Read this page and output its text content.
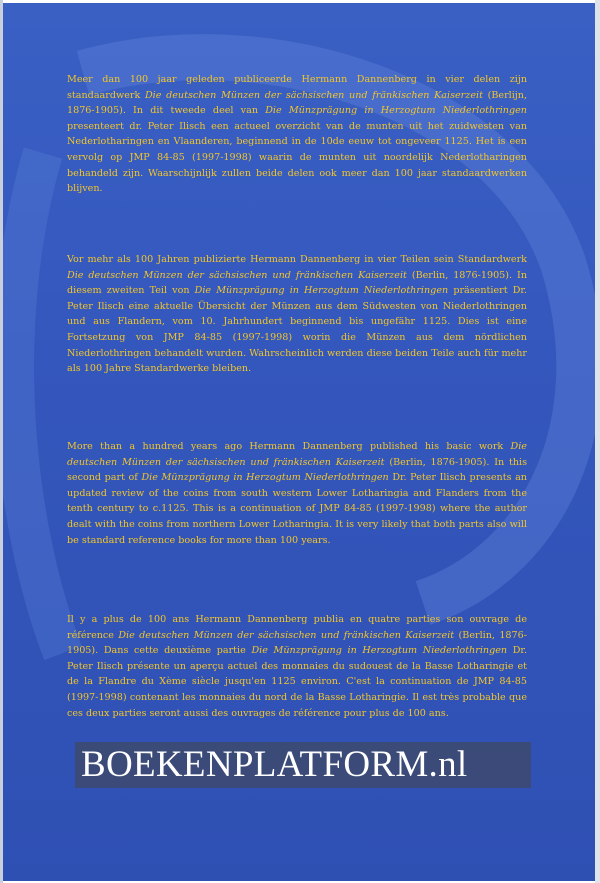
Meer dan 100 jaar geleden publiceerde Hermann Dannenberg in vier delen zijn standaardwerk Die deutschen Münzen der sächsischen und fränkischen Kaiserzeit (Berlijn, 1876-1905). In dit tweede deel van Die Münzprägung in Herzogtum Niederlothringen presenteert dr. Peter Ilisch een actueel overzicht van de munten uit het zuidwesten van Nederlotharingen en Vlaanderen, beginnend in de 10de eeuw tot ongeveer 1125. Het is een vervolg op JMP 84-85 (1997-1998) waarin de munten uit noordelijk Nederlotharingen behandeld zijn. Waarschijnlijk zullen beide delen ook meer dan 100 jaar standaardwerken blijven.
Vor mehr als 100 Jahren publizierte Hermann Dannenberg in vier Teilen sein Standardwerk Die deutschen Münzen der sächsischen und fränkischen Kaiserzeit (Berlin, 1876-1905). In diesem zweiten Teil von Die Münzprägung in Herzogtum Niederlothringen präsentiert Dr. Peter Ilisch eine aktuelle Übersicht der Münzen aus dem Südwesten von Niederlothringen und aus Flandern, vom 10. Jahrhundert beginnend bis ungefähr 1125. Dies ist eine Fortsetzung von JMP 84-85 (1997-1998) worin die Münzen aus dem nördlichen Niederlothringen behandelt wurden. Wahrscheinlich werden diese beiden Teile auch für mehr als 100 Jahre Standardwerke bleiben.
More than a hundred years ago Hermann Dannenberg published his basic work Die deutschen Münzen der sächsischen und fränkischen Kaiserzeit (Berlin, 1876-1905). In this second part of Die Münzprägung in Herzogtum Niederlothringen Dr. Peter Ilisch presents an updated review of the coins from south western Lower Lotharingia and Flanders from the tenth century to c.1125. This is a continuation of JMP 84-85 (1997-1998) where the author dealt with the coins from northern Lower Lotharingia. It is very likely that both parts also will be standard reference books for more than 100 years.
Il y a plus de 100 ans Hermann Dannenberg publia en quatre parties son ouvrage de référence Die deutschen Münzen der sächsischen und fränkischen Kaiserzeit (Berlin, 1876-1905). Dans cette deuxième partie Die Münzprägung in Herzogtum Niederlothringen Dr. Peter Ilisch présente un aperçu actuel des monnaies du sudouest de la Basse Lotharingie et de la Flandre du Xème siècle jusqu'en 1125 environ. C'est la continuation de JMP 84-85 (1997-1998) contenant les monnaies du nord de la Basse Lotharingie. Il est très probable que ces deux parties seront aussi des ouvrages de référence pour plus de 100 ans.
BOEKENPLATFORM.nl
